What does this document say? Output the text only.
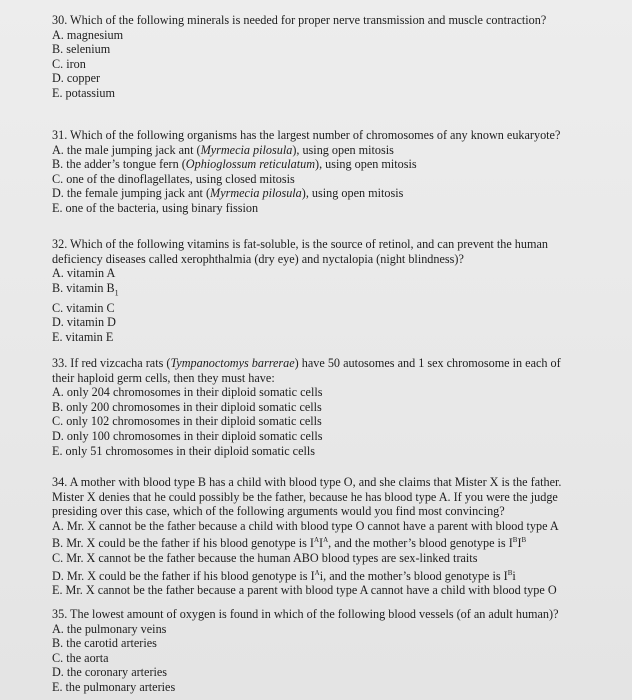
30. Which of the following minerals is needed for proper nerve transmission and muscle contraction?

A. magnesium

B. selenium

C. iron

D. copper

E. potassium

31. Which of the following organisms has the largest number of chromosomes of any known eukaryote?

A. the male jumping jack ant (Myrmecia pilosula), using open mitosis

B. the adder’s tongue fern (Ophioglossum reticulatum), using open mitosis

C. one of the dinoflagellates, using closed mitosis

D. the female jumping jack ant (Myrmecia pilosula), using open mitosis

E. one of the bacteria, using binary fission

32. Which of the following vitamins is fat-soluble, is the source of retinol, and can prevent the human

deficiency diseases called xerophthalmia (dry eye) and nyctalopia (night blindness)?

A. vitamin A

B. vitamin $B_1$

C. vitamin C

D. vitamin D

E. vitamin E

33. If red vizcacha rats (Tympanoctomys barrerae) have 50 autosomes and 1 sex chromosome in each of

their haploid germ cells, then they must have:

A. only 204 chromosomes in their diploid somatic cells

B. only 200 chromosomes in their diploid somatic cells

C. only 102 chromosomes in their diploid somatic cells

D. only 100 chromosomes in their diploid somatic cells

E. only 51 chromosomes in their diploid somatic cells

34. A mother with blood type B has a child with blood type O, and she claims that Mister X is the father.

Mister X denies that he could possibly be the father, because he has blood type A. If you were the judge

presiding over this case, which of the following arguments would you find most convincing?

A. Mr. X cannot be the father because a child with blood type O cannot have a parent with blood type A

B. Mr. X could be the father if his blood genotype is $I^AI^A$, and the mother’s blood genotype is $I^BI^B$

C. Mr. X cannot be the father because the human ABO blood types are sex-linked traits

D. Mr. X could be the father if his blood genotype is $I^Ai$, and the mother’s blood genotype is $I^Bi$

E. Mr. X cannot be the father because a parent with blood type A cannot have a child with blood type O

35. The lowest amount of oxygen is found in which of the following blood vessels (of an adult human)?

A. the pulmonary veins

B. the carotid arteries

C. the aorta

D. the coronary arteries

E. the pulmonary arteries
